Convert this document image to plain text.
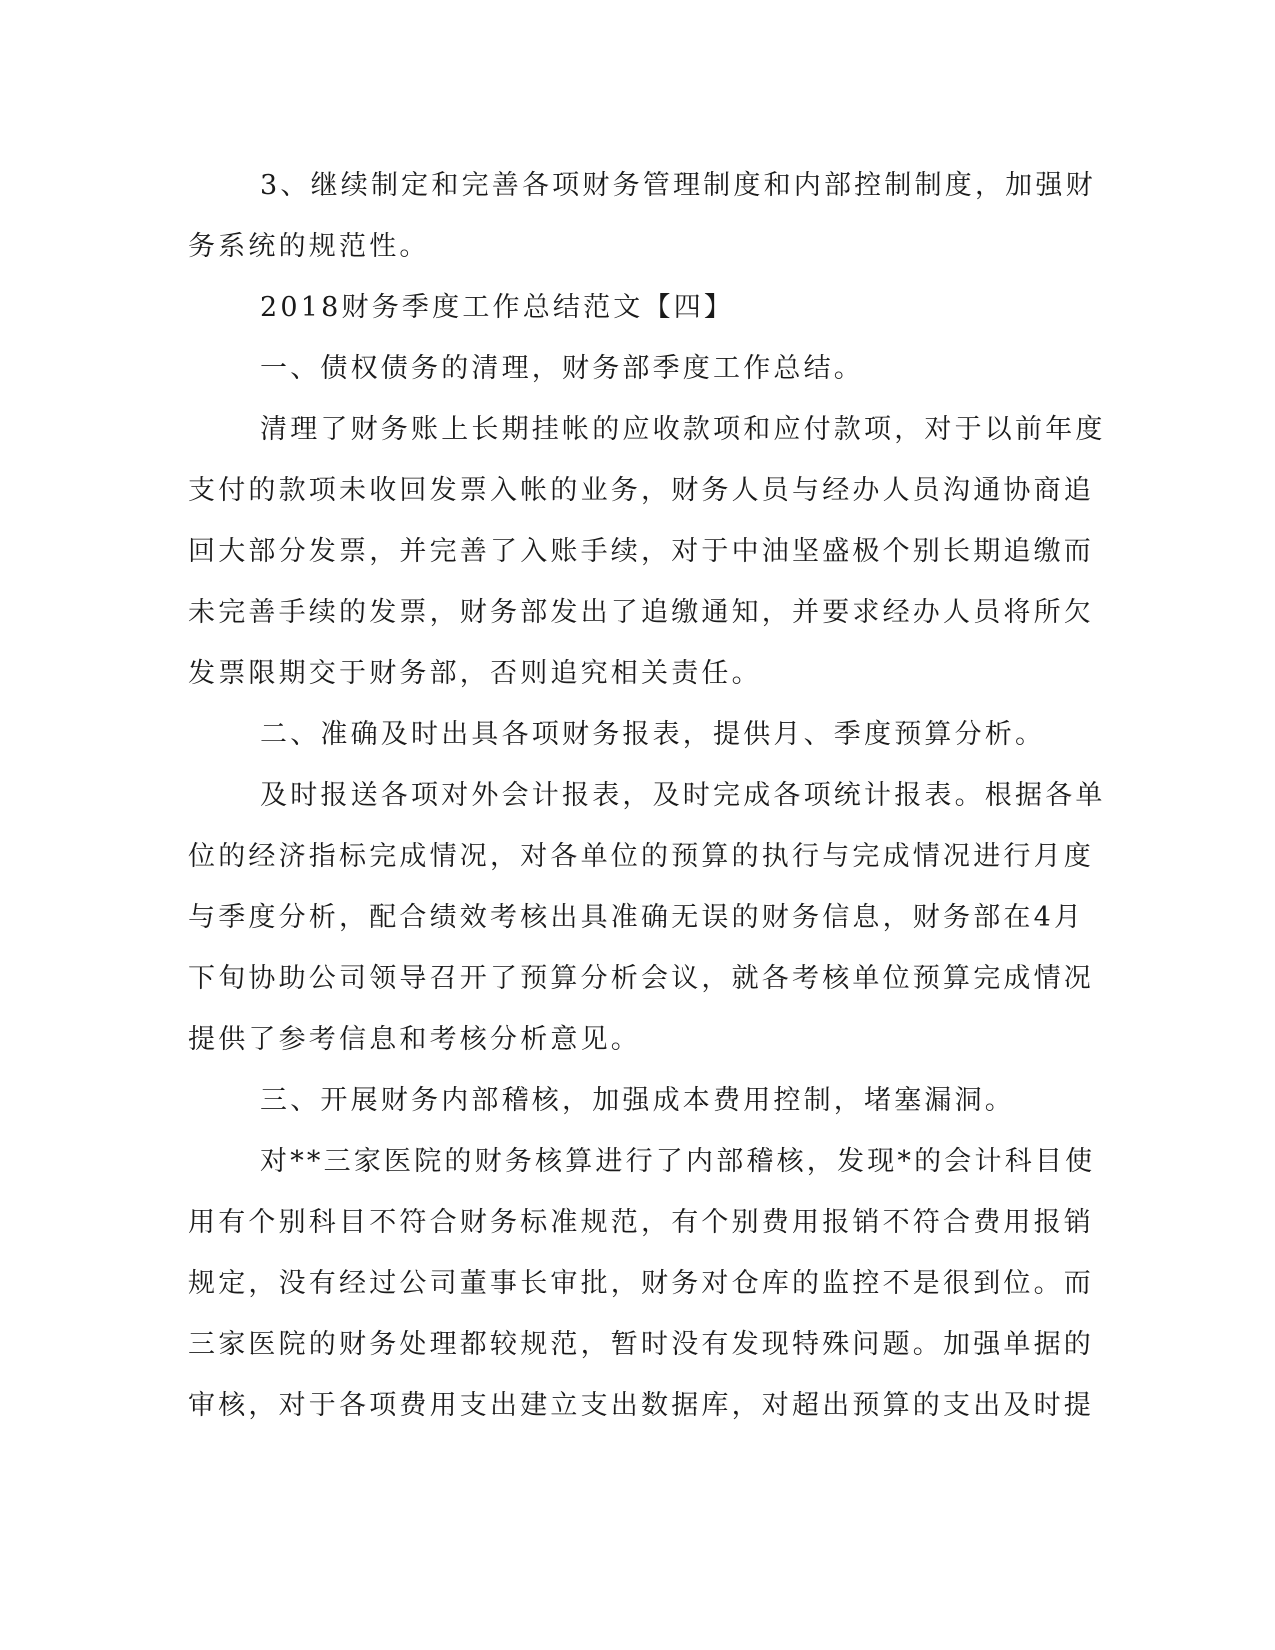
3、继续制定和完善各项财务管理制度和内部控制制度，加强财
务系统的规范性。

2018财务季度工作总结范文【四】

一、债权债务的清理，财务部季度工作总结。

清理了财务账上长期挂帐的应收款项和应付款项，对于以前年度
支付的款项未收回发票入帐的业务，财务人员与经办人员沟通协商追
回大部分发票，并完善了入账手续，对于中油坚盛极个别长期追缴而
未完善手续的发票，财务部发出了追缴通知，并要求经办人员将所欠
发票限期交于财务部，否则追究相关责任。

二、准确及时出具各项财务报表，提供月、季度预算分析。

及时报送各项对外会计报表，及时完成各项统计报表。根据各单
位的经济指标完成情况，对各单位的预算的执行与完成情况进行月度
与季度分析，配合绩效考核出具准确无误的财务信息，财务部在4月
下旬协助公司领导召开了预算分析会议，就各考核单位预算完成情况
提供了参考信息和考核分析意见。

三、开展财务内部稽核，加强成本费用控制，堵塞漏洞。

对**三家医院的财务核算进行了内部稽核，发现*的会计科目使
用有个别科目不符合财务标准规范，有个别费用报销不符合费用报销
规定，没有经过公司董事长审批，财务对仓库的监控不是很到位。而
三家医院的财务处理都较规范，暂时没有发现特殊问题。加强单据的
审核，对于各项费用支出建立支出数据库，对超出预算的支出及时提
